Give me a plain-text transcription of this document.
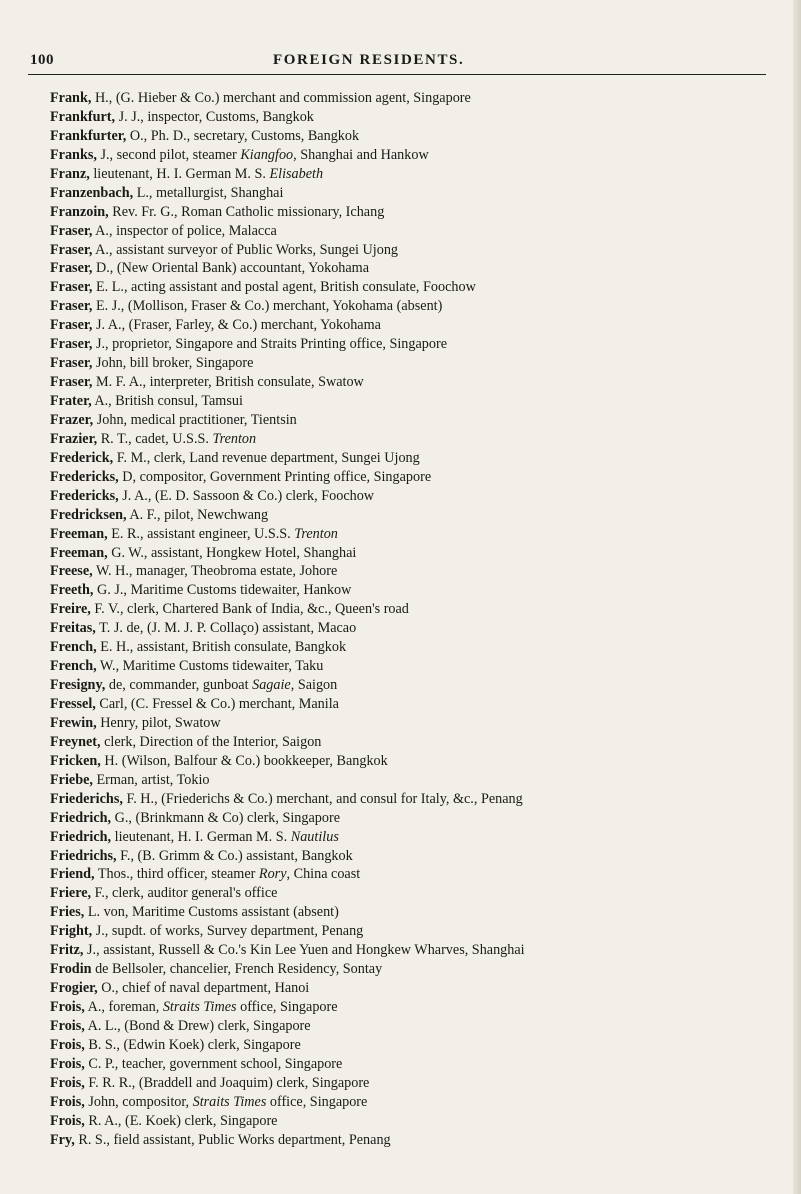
100	FOREIGN RESIDENTS.
Frank, H., (G. Hieber & Co.) merchant and commission agent, Singapore
Frankfurt, J. J., inspector, Customs, Bangkok
Frankfurter, O., Ph. D., secretary, Customs, Bangkok
Franks, J., second pilot, steamer Kiangfoo, Shanghai and Hankow
Franz, lieutenant, H. I. German M. S. Elisabeth
Franzenbach, L., metallurgist, Shanghai
Franzoin, Rev. Fr. G., Roman Catholic missionary, Ichang
Fraser, A., inspector of police, Malacca
Fraser, A., assistant surveyor of Public Works, Sungei Ujong
Fraser, D., (New Oriental Bank) accountant, Yokohama
Fraser, E. L., acting assistant and postal agent, British consulate, Foochow
Fraser, E. J., (Mollison, Fraser & Co.) merchant, Yokohama (absent)
Fraser, J. A., (Fraser, Farley, & Co.) merchant, Yokohama
Fraser, J., proprietor, Singapore and Straits Printing office, Singapore
Fraser, John, bill broker, Singapore
Fraser, M. F. A., interpreter, British consulate, Swatow
Frater, A., British consul, Tamsui
Frazer, John, medical practitioner, Tientsin
Frazier, R. T., cadet, U.S.S. Trenton
Frederick, F. M., clerk, Land revenue department, Sungei Ujong
Fredericks, D, compositor, Government Printing office, Singapore
Fredericks, J. A., (E. D. Sassoon & Co.) clerk, Foochow
Fredricksen, A. F., pilot, Newchwang
Freeman, E. R., assistant engineer, U.S.S. Trenton
Freeman, G. W., assistant, Hongkew Hotel, Shanghai
Freese, W. H., manager, Theobroma estate, Johore
Freeth, G. J., Maritime Customs tidewaiter, Hankow
Freire, F. V., clerk, Chartered Bank of India, &c., Queen's road
Freitas, T. J. de, (J. M. J. P. Collaço) assistant, Macao
French, E. H., assistant, British consulate, Bangkok
French, W., Maritime Customs tidewaiter, Taku
Fresigny, de, commander, gunboat Sagaie, Saigon
Fressel, Carl, (C. Fressel & Co.) merchant, Manila
Frewin, Henry, pilot, Swatow
Freynet, clerk, Direction of the Interior, Saigon
Fricken, H. (Wilson, Balfour & Co.) bookkeeper, Bangkok
Friebe, Erman, artist, Tokio
Friederichs, F. H., (Friederichs & Co.) merchant, and consul for Italy, &c., Penang
Friedrich, G., (Brinkmann & Co) clerk, Singapore
Friedrich, lieutenant, H. I. German M. S. Nautilus
Friedrichs, F., (B. Grimm & Co.) assistant, Bangkok
Friend, Thos., third officer, steamer Rory, China coast
Friere, F., clerk, auditor general's office
Fries, L. von, Maritime Customs assistant (absent)
Fright, J., supdt. of works, Survey department, Penang
Fritz, J., assistant, Russell & Co.'s Kin Lee Yuen and Hongkew Wharves, Shanghai
Frodin de Bellsoler, chancelier, French Residency, Sontay
Frogier, O., chief of naval department, Hanoi
Frois, A., foreman, Straits Times office, Singapore
Frois, A. L., (Bond & Drew) clerk, Singapore
Frois, B. S., (Edwin Koek) clerk, Singapore
Frois, C. P., teacher, government school, Singapore
Frois, F. R. R., (Braddell and Joaquim) clerk, Singapore
Frois, John, compositor, Straits Times office, Singapore
Frois, R. A., (E. Koek) clerk, Singapore
Fry, R. S., field assistant, Public Works department, Penang
